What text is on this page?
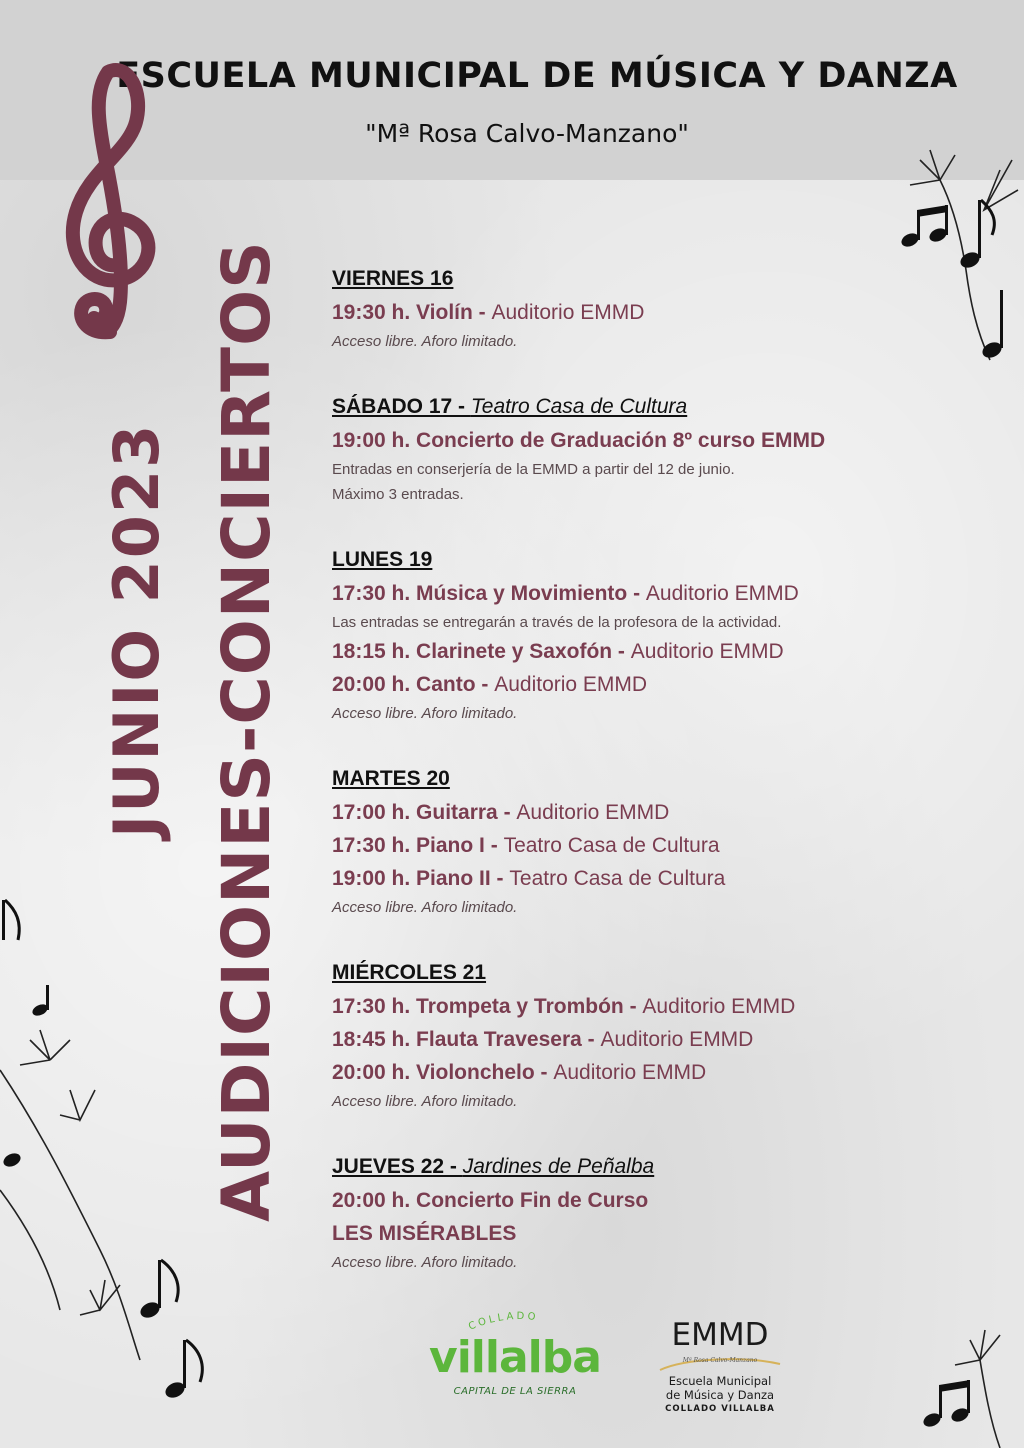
ESCUELA MUNICIPAL DE MÚSICA Y DANZA
"Mª Rosa Calvo-Manzano"
JUNIO 2023 AUDICIONES-CONCIERTOS VIERNES 16
19:30 h. Violín - Auditorio EMMD
Acceso libre. Aforo limitado.
SÁBADO 17 - Teatro Casa de Cultura
19:00 h. Concierto de Graduación 8º curso EMMD
Entradas en conserjería de la EMMD a partir del 12 de junio.
Máximo 3 entradas.
LUNES 19
17:30 h. Música y Movimiento - Auditorio EMMD
Las entradas se entregarán a través de la profesora de la actividad.
18:15 h. Clarinete y Saxofón - Auditorio EMMD
20:00 h. Canto - Auditorio EMMD
Acceso libre. Aforo limitado.
MARTES 20
17:00 h. Guitarra - Auditorio EMMD
17:30 h. Piano I - Teatro Casa de Cultura
19:00 h. Piano II - Teatro Casa de Cultura
Acceso libre. Aforo limitado.
MIÉRCOLES 21
17:30 h. Trompeta y Trombón - Auditorio EMMD
18:45 h. Flauta Travesera - Auditorio EMMD
20:00 h. Violonchelo - Auditorio EMMD
Acceso libre. Aforo limitado.
JUEVES 22 - Jardines de Peñalba
20:00 h. Concierto Fin de Curso
LES MISÉRABLES
Acceso libre. Aforo limitado.
COLLADO
villalba
CAPITAL DE LA SIERRA
EMMD
Mª Rosa Calvo-Manzano
Escuela Municipal
de Música y Danza
COLLADO VILLALBA
